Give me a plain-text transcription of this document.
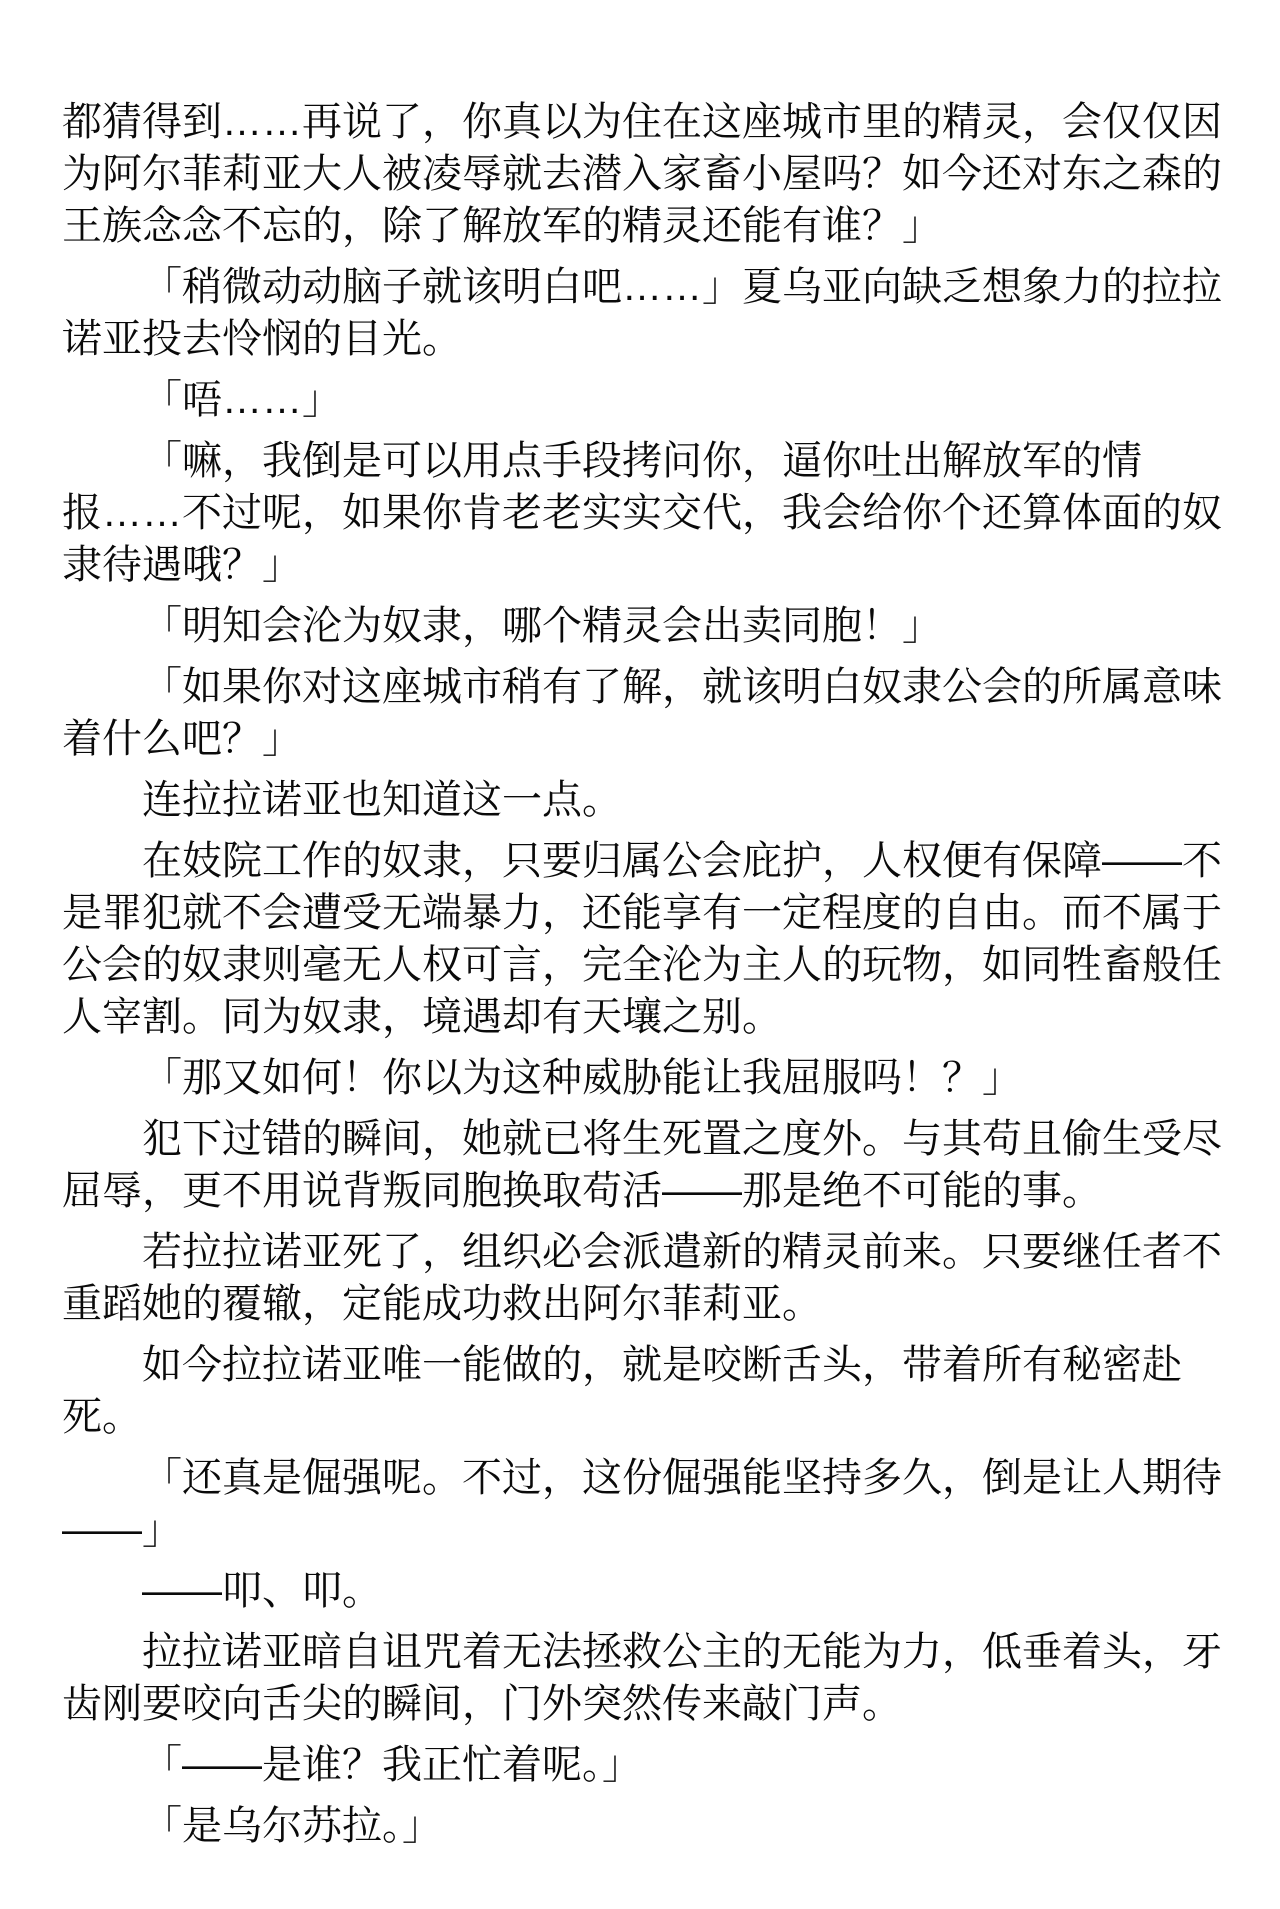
都猜得到……再说了，你真以为住在这座城市里的精灵，会仅仅因
为阿尔菲莉亚大人被凌辱就去潜入家畜小屋吗？如今还对东之森的
王族念念不忘的，除了解放军的精灵还能有谁？」
「稍微动动脑子就该明白吧……」夏乌亚向缺乏想象力的拉拉
诺亚投去怜悯的目光。
「唔……」
「嘛，我倒是可以用点手段拷问你，逼你吐出解放军的情
报……不过呢，如果你肯老老实实交代，我会给你个还算体面的奴
隶待遇哦？」
「明知会沦为奴隶，哪个精灵会出卖同胞！」
「如果你对这座城市稍有了解，就该明白奴隶公会的所属意味
着什么吧？」
连拉拉诺亚也知道这一点。
在妓院工作的奴隶，只要归属公会庇护，人权便有保障——不
是罪犯就不会遭受无端暴力，还能享有一定程度的自由。而不属于
公会的奴隶则毫无人权可言，完全沦为主人的玩物，如同牲畜般任
人宰割。同为奴隶，境遇却有天壤之别。
「那又如何！你以为这种威胁能让我屈服吗！？」
犯下过错的瞬间，她就已将生死置之度外。与其苟且偷生受尽
屈辱，更不用说背叛同胞换取苟活——那是绝不可能的事。
若拉拉诺亚死了，组织必会派遣新的精灵前来。只要继任者不
重蹈她的覆辙，定能成功救出阿尔菲莉亚。
如今拉拉诺亚唯一能做的，就是咬断舌头，带着所有秘密赴
死。
「还真是倔强呢。不过，这份倔强能坚持多久，倒是让人期待
——」
——叩、叩。
拉拉诺亚暗自诅咒着无法拯救公主的无能为力，低垂着头，牙
齿刚要咬向舌尖的瞬间，门外突然传来敲门声。
「——是谁？我正忙着呢。」
「是乌尔苏拉。」
